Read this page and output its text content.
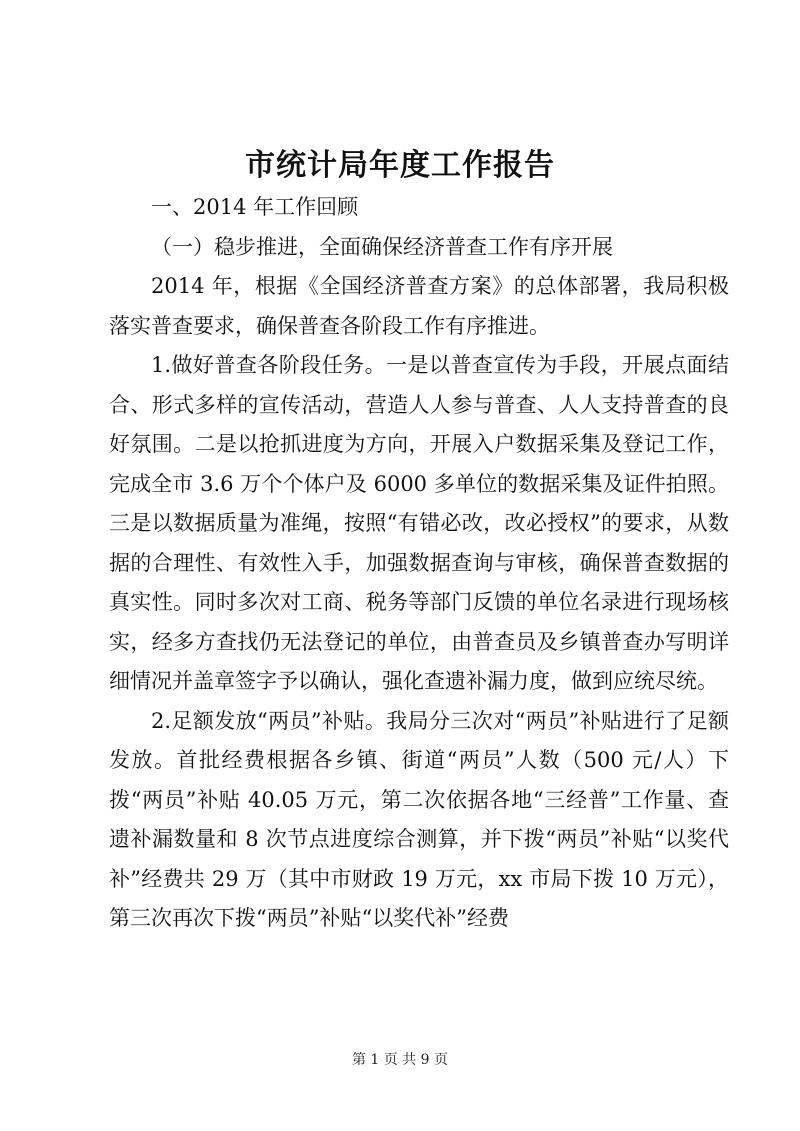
市统计局年度工作报告

一、2014 年工作回顾

（一）稳步推进，全面确保经济普查工作有序开展

2014 年，根据《全国经济普查方案》的总体部署，我局积极落实普查要求，确保普查各阶段工作有序推进。

1.做好普查各阶段任务。一是以普查宣传为手段，开展点面结合、形式多样的宣传活动，营造人人参与普查、人人支持普查的良好氛围。二是以抢抓进度为方向，开展入户数据采集及登记工作，完成全市 3.6 万个个体户及 6000 多单位的数据采集及证件拍照。三是以数据质量为准绳，按照“有错必改，改必授权”的要求，从数据的合理性、有效性入手，加强数据查询与审核，确保普查数据的真实性。同时多次对工商、税务等部门反馈的单位名录进行现场核实，经多方查找仍无法登记的单位，由普查员及乡镇普查办写明详细情况并盖章签字予以确认，强化查遗补漏力度，做到应统尽统。

2.足额发放“两员”补贴。我局分三次对“两员”补贴进行了足额发放。首批经费根据各乡镇、街道“两员”人数（500 元/人）下拨“两员”补贴 40.05 万元，第二次依据各地“三经普”工作量、查遗补漏数量和 8 次节点进度综合测算，并下拨“两员”补贴“以奖代补”经费共 29 万（其中市财政 19 万元，xx 市局下拨 10 万元），第三次再次下拨“两员”补贴“以奖代补”经费

第 1 页 共 9 页
